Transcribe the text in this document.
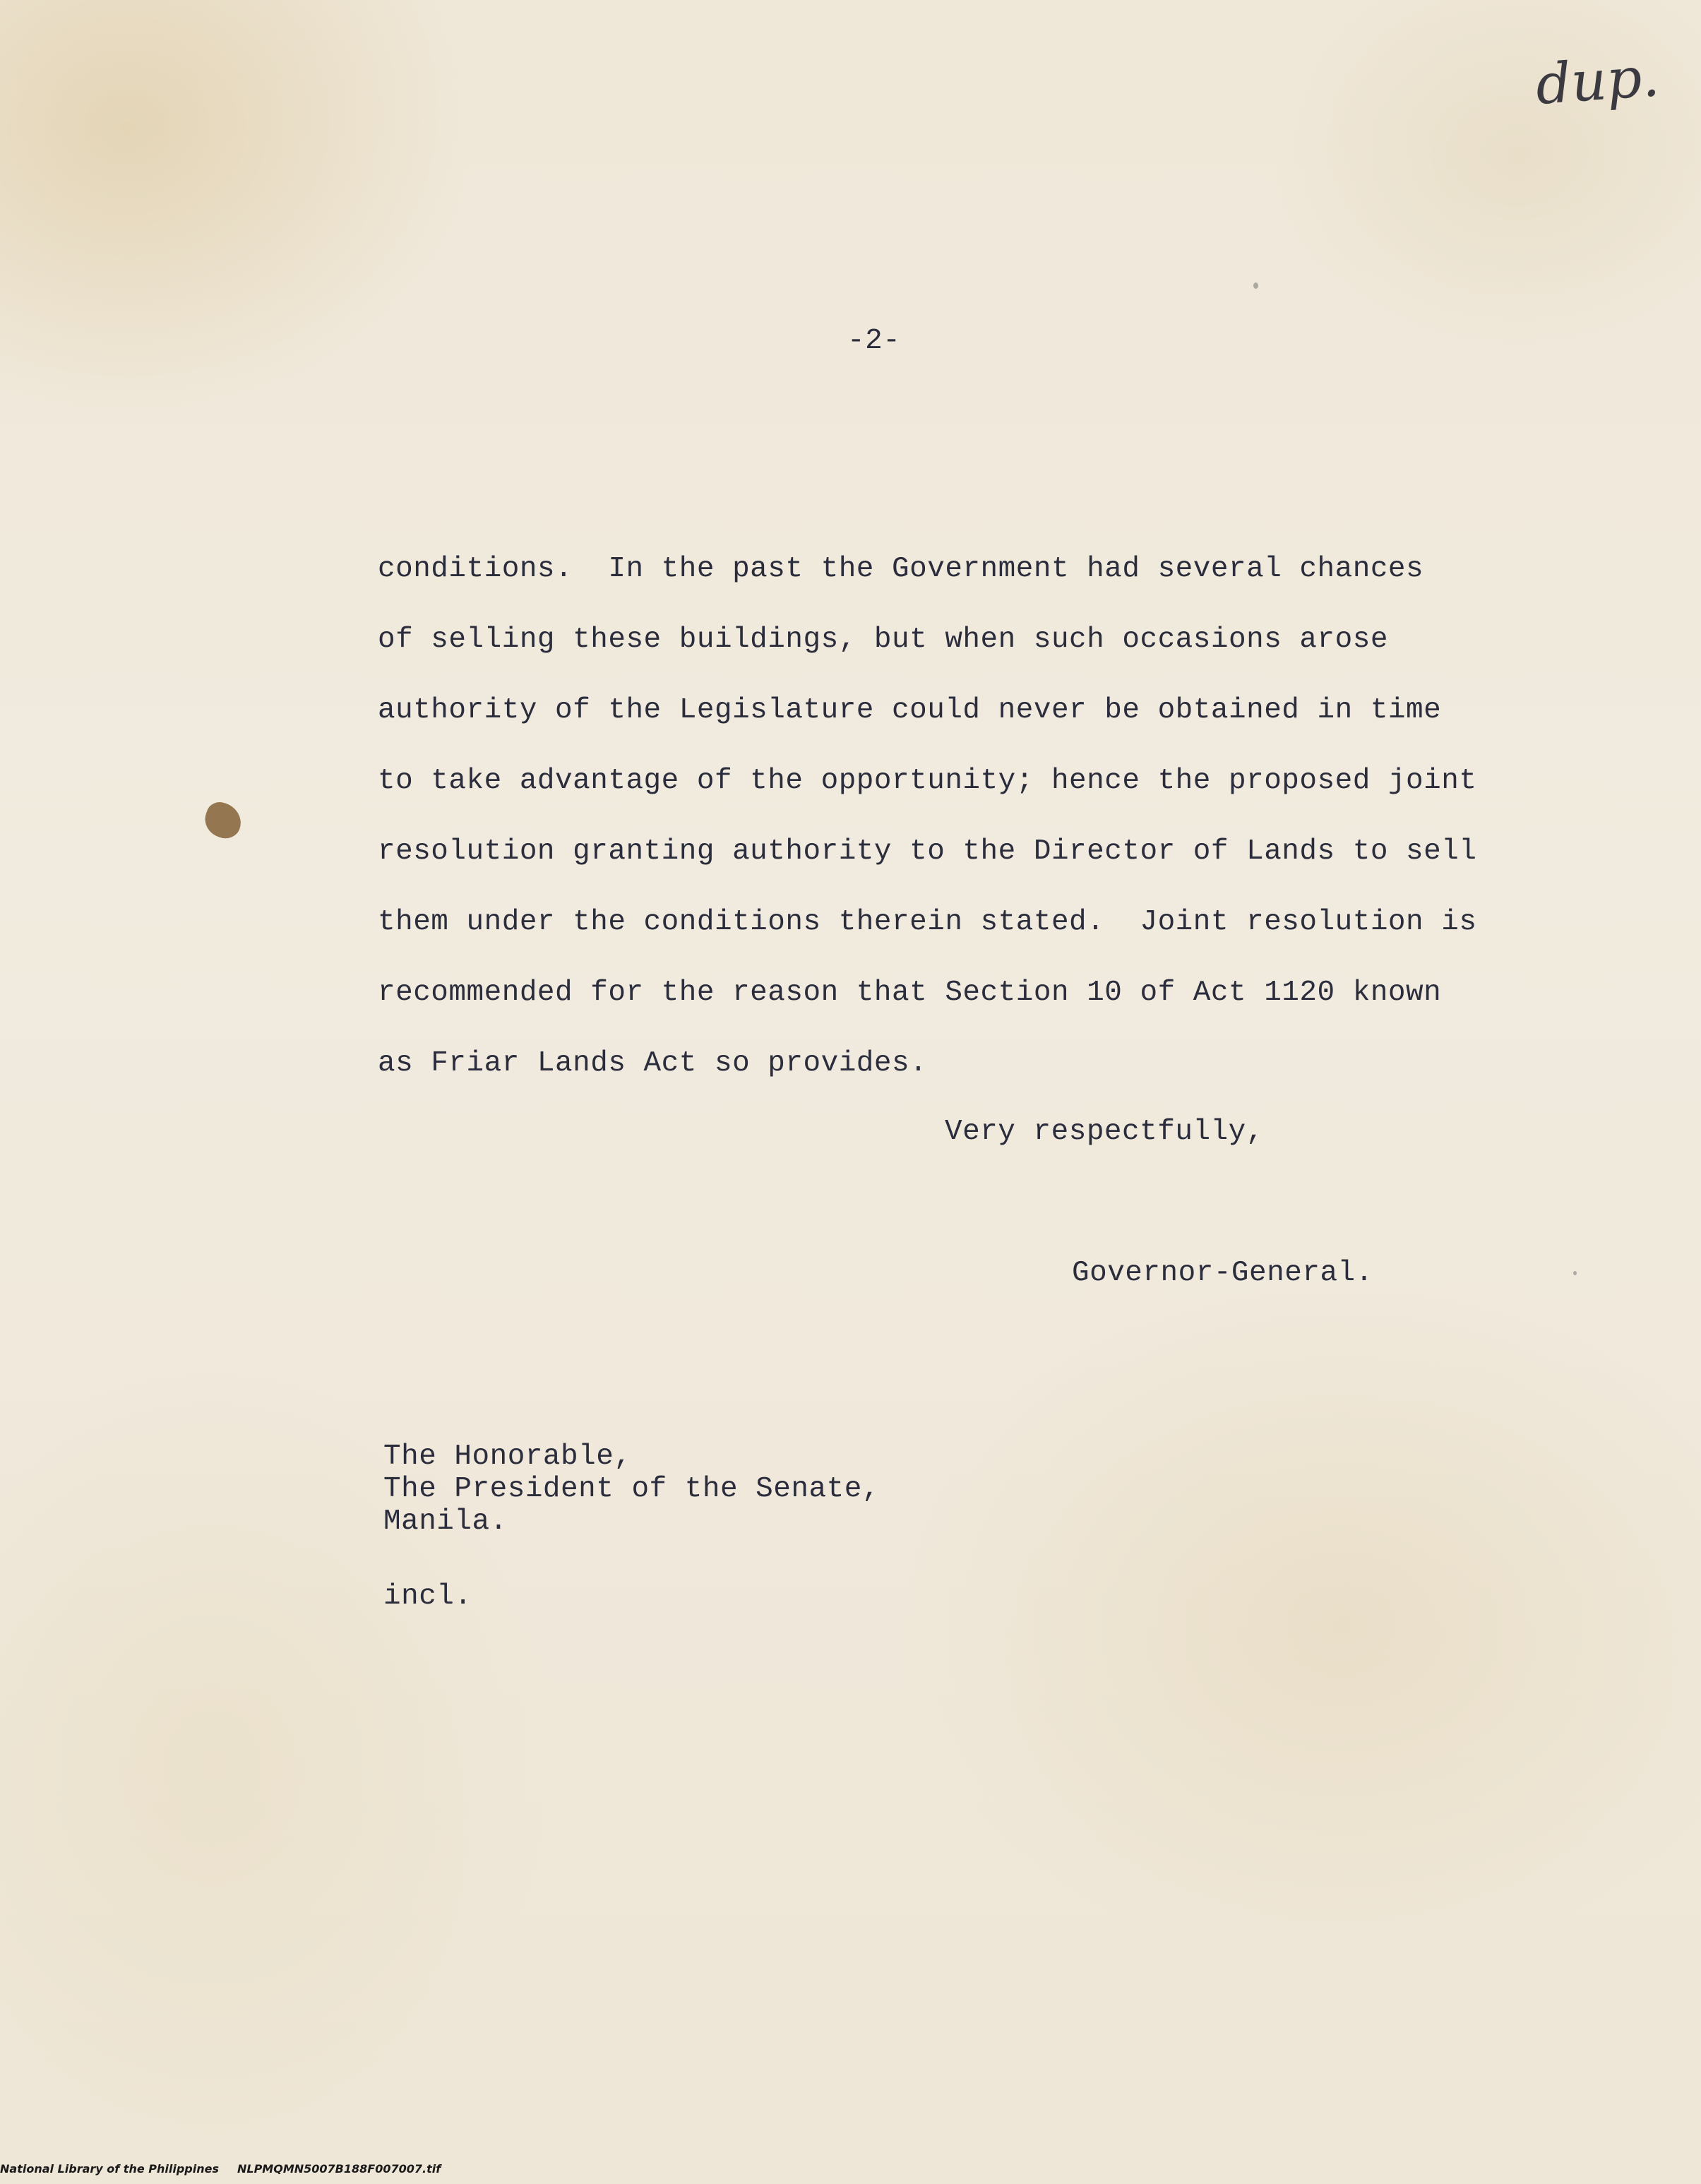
dup.
-2-
conditions.  In the past the Government had several chances
of selling these buildings, but when such occasions arose
authority of the Legislature could never be obtained in time
to take advantage of the opportunity; hence the proposed joint
resolution granting authority to the Director of Lands to sell
them under the conditions therein stated.  Joint resolution is
recommended for the reason that Section 10 of Act 1120 known
as Friar Lands Act so provides.
Very respectfully,
Governor-General.
The Honorable,
The President of the Senate,
Manila.
incl.
National Library of the Philippines NLPMQMN5007B188F007007.tif
